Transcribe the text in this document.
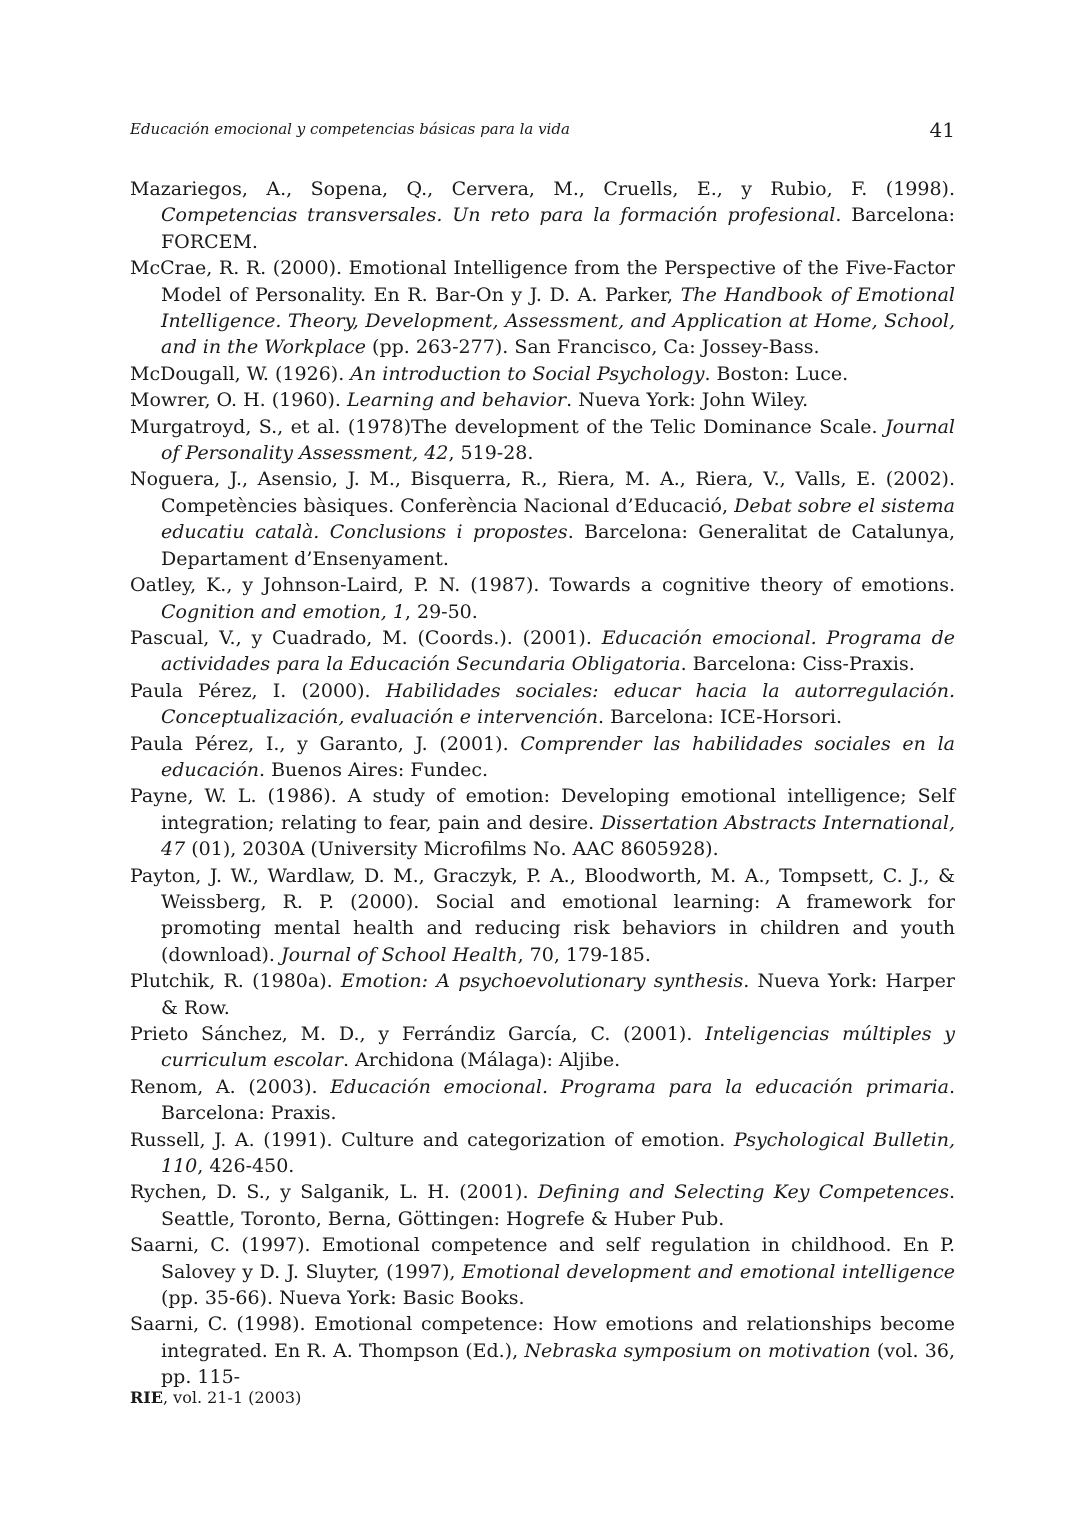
Educación emocional y competencias básicas para la vida	41

Mazariegos, A., Sopena, Q., Cervera, M., Cruells, E., y Rubio, F. (1998). Competencias transversales. Un reto para la formación profesional. Barcelona: FORCEM.

McCrae, R. R. (2000). Emotional Intelligence from the Perspective of the Five-Factor Model of Personality. En R. Bar-On y J. D. A. Parker, The Handbook of Emotional Intelligence. Theory, Development, Assessment, and Application at Home, School, and in the Workplace (pp. 263-277). San Francisco, Ca: Jossey-Bass.

McDougall, W. (1926). An introduction to Social Psychology. Boston: Luce.

Mowrer, O. H. (1960). Learning and behavior. Nueva York: John Wiley.

Murgatroyd, S., et al. (1978)The development of the Telic Dominance Scale. Journal of Personality Assessment, 42, 519-28.

Noguera, J., Asensio, J. M., Bisquerra, R., Riera, M. A., Riera, V., Valls, E. (2002). Competències bàsiques. Conferència Nacional d’Educació, Debat sobre el sistema educatiu català. Conclusions i propostes. Barcelona: Generalitat de Catalunya, Departament d’Ensenyament.

Oatley, K., y Johnson-Laird, P. N. (1987). Towards a cognitive theory of emotions. Cognition and emotion, 1, 29-50.

Pascual, V., y Cuadrado, M. (Coords.). (2001). Educación emocional. Programa de actividades para la Educación Secundaria Obligatoria. Barcelona: Ciss-Praxis.

Paula Pérez, I. (2000). Habilidades sociales: educar hacia la autorregulación. Conceptualización, evaluación e intervención. Barcelona: ICE-Horsori.

Paula Pérez, I., y Garanto, J. (2001). Comprender las habilidades sociales en la educación. Buenos Aires: Fundec.

Payne, W. L. (1986). A study of emotion: Developing emotional intelligence; Self integration; relating to fear, pain and desire. Dissertation Abstracts International, 47 (01), 2030A (University Microfilms No. AAC 8605928).

Payton, J. W., Wardlaw, D. M., Graczyk, P. A., Bloodworth, M. A., Tompsett, C. J., & Weissberg, R. P. (2000). Social and emotional learning: A framework for promoting mental health and reducing risk behaviors in children and youth (download). Journal of School Health, 70, 179-185.

Plutchik, R. (1980a). Emotion: A psychoevolutionary synthesis. Nueva York: Harper & Row.

Prieto Sánchez, M. D., y Ferrándiz García, C. (2001). Inteligencias múltiples y curriculum escolar. Archidona (Málaga): Aljibe.

Renom, A. (2003). Educación emocional. Programa para la educación primaria. Barcelona: Praxis.

Russell, J. A. (1991). Culture and categorization of emotion. Psychological Bulletin, 110, 426-450.

Rychen, D. S., y Salganik, L. H. (2001). Defining and Selecting Key Competences. Seattle, Toronto, Berna, Göttingen: Hogrefe & Huber Pub.

Saarni, C. (1997). Emotional competence and self regulation in childhood. En P. Salovey y D. J. Sluyter, (1997), Emotional development and emotional intelligence (pp. 35-66). Nueva York: Basic Books.

Saarni, C. (1998). Emotional competence: How emotions and relationships become integrated. En R. A. Thompson (Ed.), Nebraska symposium on motivation (vol. 36, pp. 115-

RIE, vol. 21-1 (2003)
